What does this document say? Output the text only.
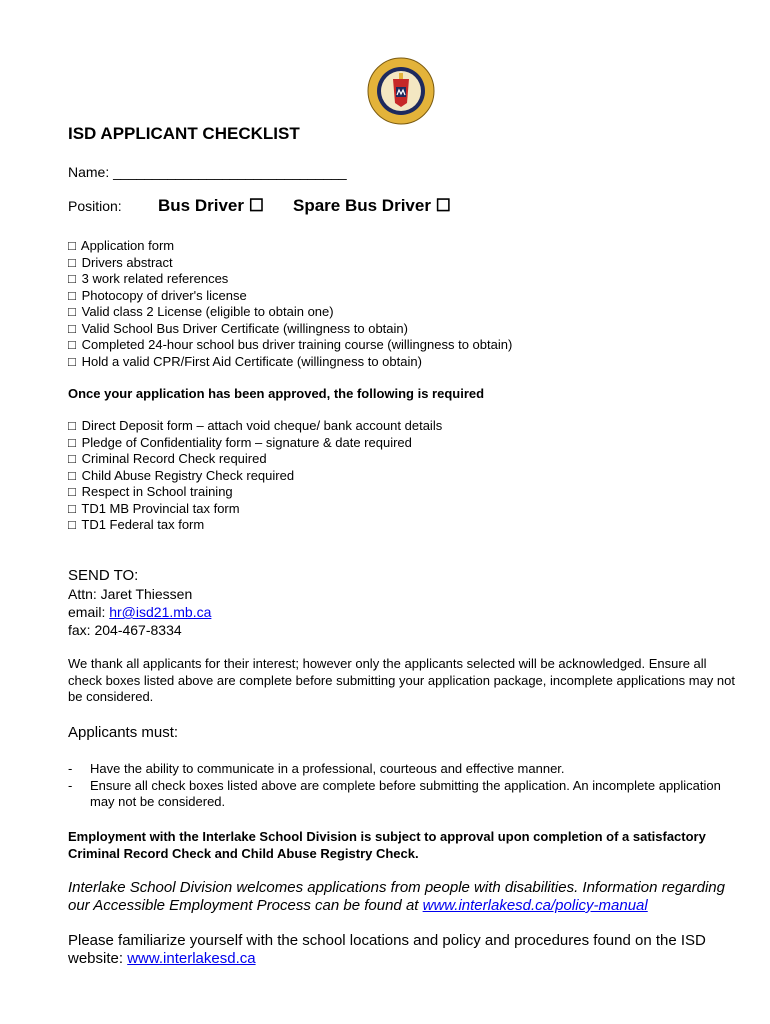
ISD APPLICANT CHECKLIST
Name: ______________________________
Position: Bus Driver ☐ Spare Bus Driver ☐
□ Application form
□ Drivers abstract
□ 3 work related references
□ Photocopy of driver's license
□ Valid class 2 License (eligible to obtain one)
□ Valid School Bus Driver Certificate (willingness to obtain)
□ Completed 24-hour school bus driver training course (willingness to obtain)
□ Hold a valid CPR/First Aid Certificate (willingness to obtain)
Once your application has been approved, the following is required
□ Direct Deposit form – attach void cheque/ bank account details
□ Pledge of Confidentiality form – signature & date required
□ Criminal Record Check required
□ Child Abuse Registry Check required
□ Respect in School training
□ TD1 MB Provincial tax form
□ TD1 Federal tax form
SEND TO:
Attn: Jaret Thiessen
email: hr@isd21.mb.ca
fax: 204-467-8334
We thank all applicants for their interest; however only the applicants selected will be acknowledged. Ensure all check boxes listed above are complete before submitting your application package, incomplete applications may not be considered.
Applicants must:
- Have the ability to communicate in a professional, courteous and effective manner.
- Ensure all check boxes listed above are complete before submitting the application. An incomplete application may not be considered.
Employment with the Interlake School Division is subject to approval upon completion of a satisfactory Criminal Record Check and Child Abuse Registry Check.
Interlake School Division welcomes applications from people with disabilities. Information regarding our Accessible Employment Process can be found at www.interlakesd.ca/policy-manual
Please familiarize yourself with the school locations and policy and procedures found on the ISD website: www.interlakesd.ca
